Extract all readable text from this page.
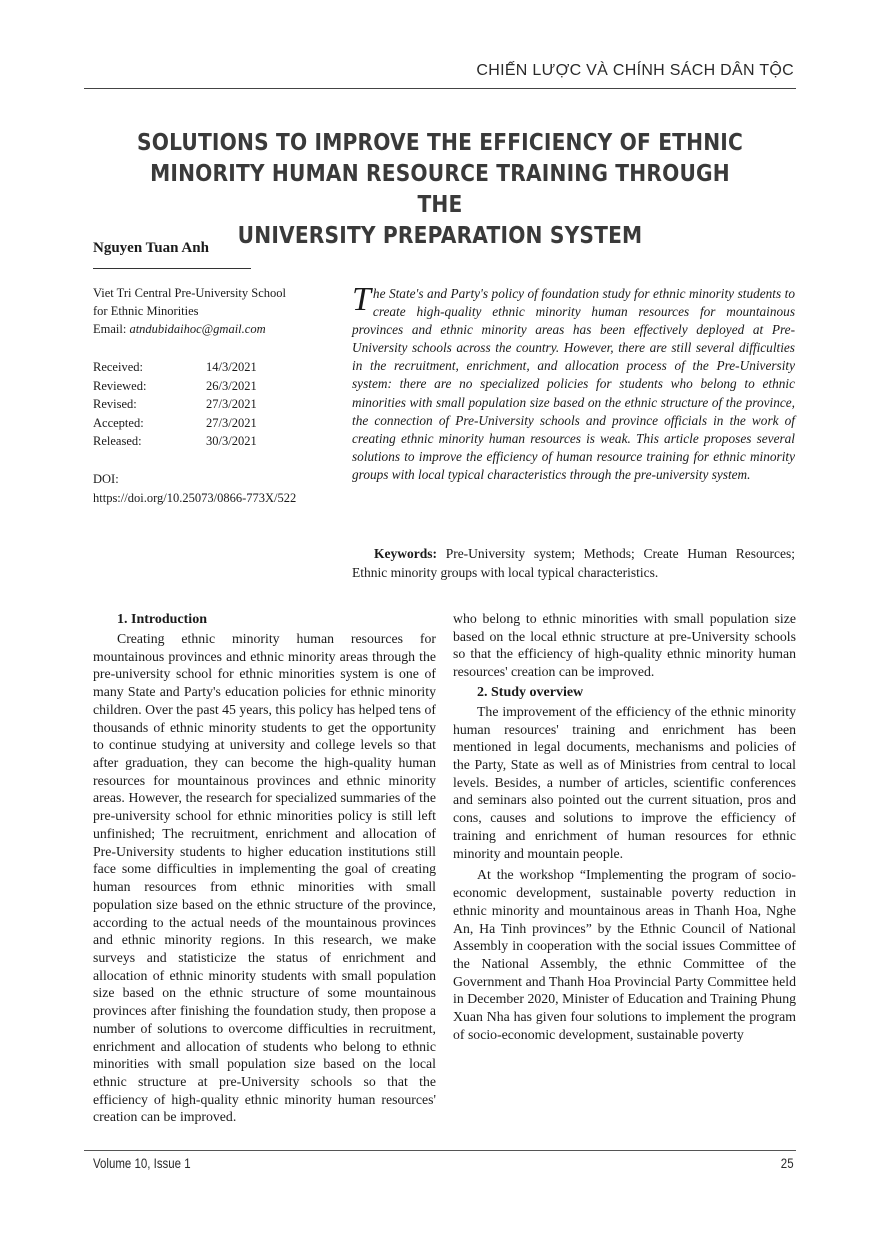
CHIẾN LƯỢC VÀ CHÍNH SÁCH DÂN TỘC
SOLUTIONS TO IMPROVE THE EFFICIENCY OF ETHNIC
MINORITY HUMAN RESOURCE TRAINING THROUGH THE
UNIVERSITY PREPARATION SYSTEM
Nguyen Tuan Anh
Viet Tri Central Pre-University School
for Ethnic Minorities
Email: atndubidaihoc@gmail.com
Received:	14/3/2021
Reviewed:	26/3/2021
Revised:	27/3/2021
Accepted:	27/3/2021
Released:	30/3/2021
DOI:
https://doi.org/10.25073/0866-773X/522
The State's and Party's policy of foundation study for ethnic minority students to create high-quality ethnic minority human resources for mountainous provinces and ethnic minority areas has been effectively deployed at Pre-University schools across the country. However, there are still several difficulties in the recruitment, enrichment, and allocation process of the Pre-University system: there are no specialized policies for students who belong to ethnic minorities with small population size based on the ethnic structure of the province, the connection of Pre-University schools and province officials in the work of creating ethnic minority human resources is weak. This article proposes several solutions to improve the efficiency of human resource training for ethnic minority groups with local typical characteristics through the pre-university system.
Keywords: Pre-University system; Methods; Create Human Resources; Ethnic minority groups with local typical characteristics.
1. Introduction

Creating ethnic minority human resources for mountainous provinces and ethnic minority areas through the pre-university school for ethnic minorities system is one of many State and Party's education policies for ethnic minority children. Over the past 45 years, this policy has helped tens of thousands of ethnic minority students to get the opportunity to continue studying at university and college levels so that after graduation, they can become the high-quality human resources for mountainous provinces and ethnic minority areas. However, the research for specialized summaries of the pre-university school for ethnic minorities policy is still left unfinished; The recruitment, enrichment and allocation of Pre-University students to higher education institutions still face some difficulties in implementing the goal of creating human resources from ethnic minorities with small population size based on the ethnic structure of the province, according to the actual needs of the mountainous provinces and ethnic minority regions. In this research, we make surveys and statisticize the status of enrichment and allocation of ethnic minority students with small population size based on the ethnic structure of some mountainous provinces after finishing the foundation study, then propose a number of solutions to overcome difficulties in recruitment, enrichment and allocation of students who belong to ethnic minorities with small population size based on the local ethnic structure at pre-University schools so that the efficiency of high-quality ethnic minority human resources' creation can be improved.

who belong to ethnic minorities with small population size based on the local ethnic structure at pre-University schools so that the efficiency of high-quality ethnic minority human resources' creation can be improved.

2. Study overview

The improvement of the efficiency of the ethnic minority human resources' training and enrichment has been mentioned in legal documents, mechanisms and policies of the Party, State as well as of Ministries from central to local levels. Besides, a number of articles, scientific conferences and seminars also pointed out the current situation, pros and cons, causes and solutions to improve the efficiency of training and enrichment of human resources for ethnic minority and mountain people.

At the workshop “Implementing the program of socio-economic development, sustainable poverty reduction in ethnic minority and mountainous areas in Thanh Hoa, Nghe An, Ha Tinh provinces” by the Ethnic Council of National Assembly in cooperation with the social issues Committee of the National Assembly, the ethnic Committee of the Government and Thanh Hoa Provincial Party Committee held in December 2020, Minister of Education and Training Phung Xuan Nha has given four solutions to implement the program of socio-economic development, sustainable poverty

Volume 10, Issue 1	25
